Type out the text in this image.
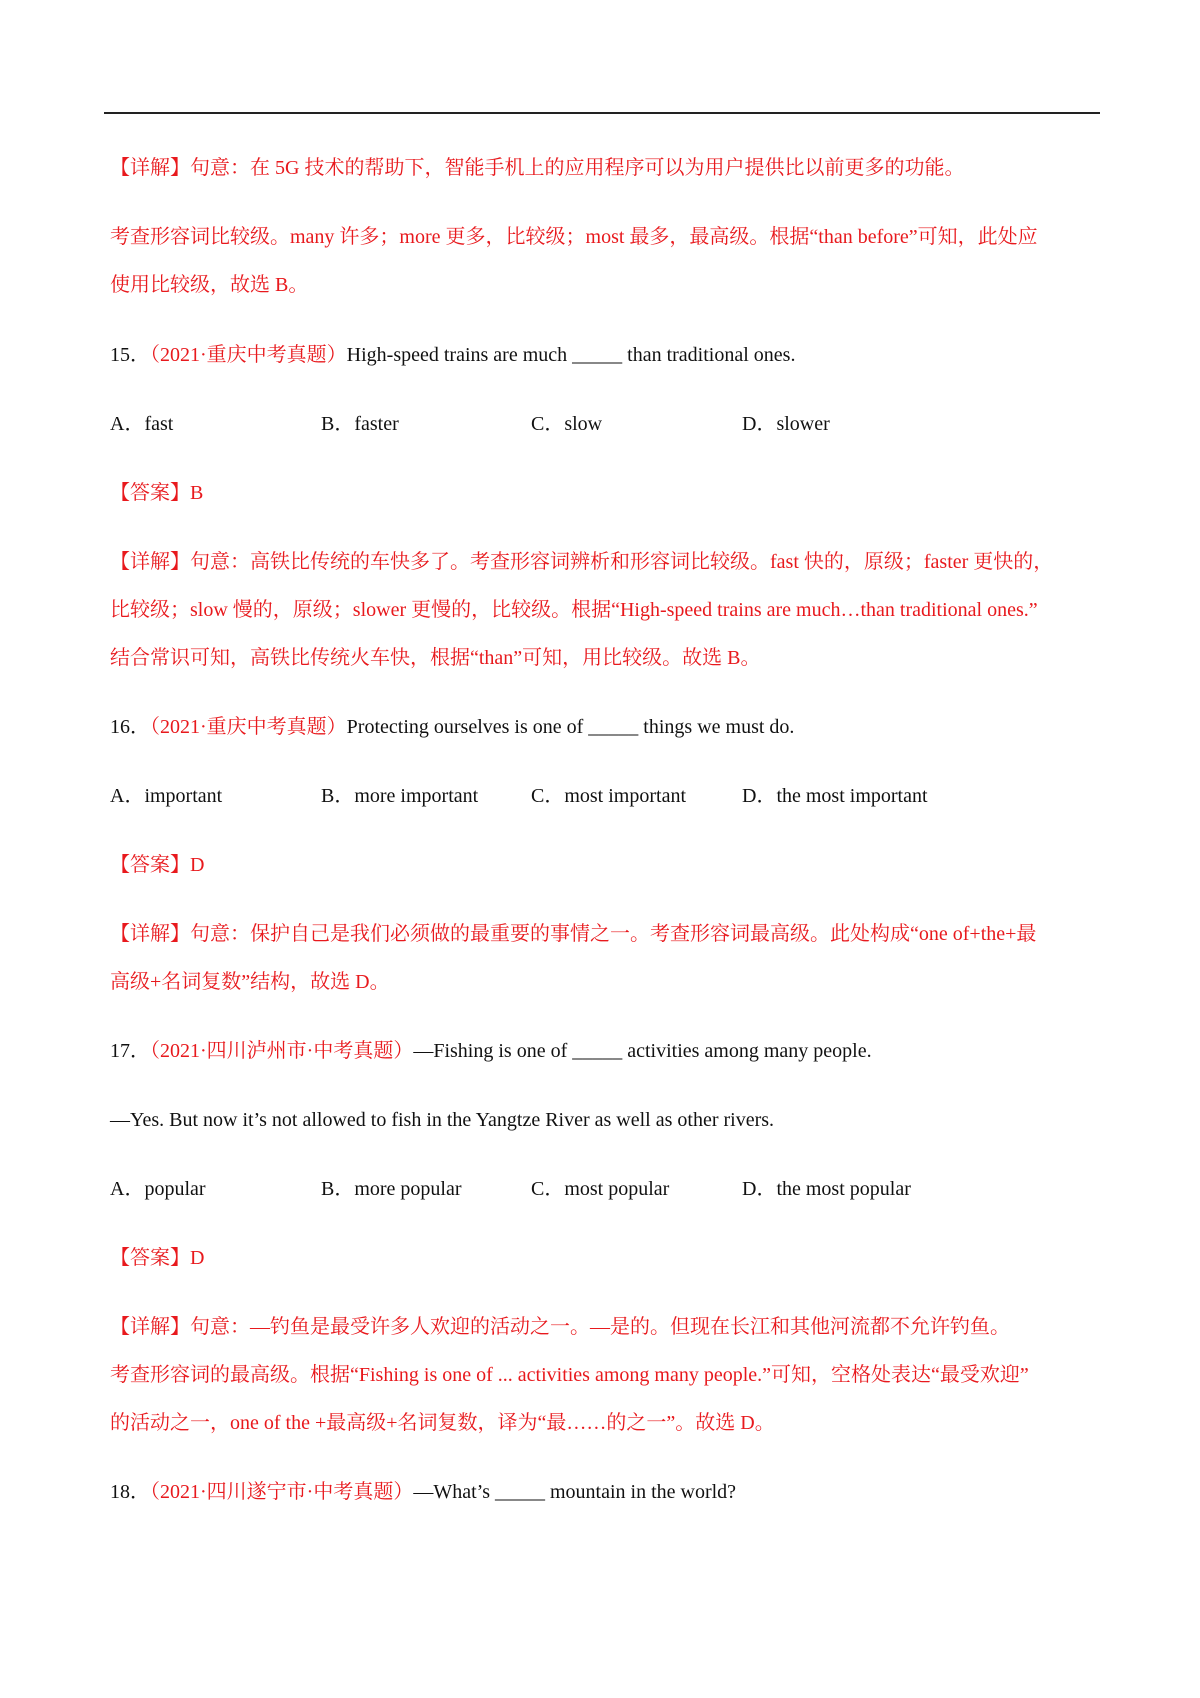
【详解】句意：在 5G 技术的帮助下，智能手机上的应用程序可以为用户提供比以前更多的功能。
考查形容词比较级。many 许多；more 更多，比较级；most 最多，最高级。根据“than before”可知，此处应
使用比较级，故选 B。
15．（2021·重庆中考真题）High-speed trains are much _____ than traditional ones.
A．fast	B．faster	C．slow	D．slower
【答案】B
【详解】句意：高铁比传统的车快多了。考查形容词辨析和形容词比较级。fast 快的，原级；faster 更快的，
比较级；slow 慢的，原级；slower 更慢的，比较级。根据“High-speed trains are much…than traditional ones.”
结合常识可知，高铁比传统火车快，根据“than”可知，用比较级。故选 B。
16．（2021·重庆中考真题）Protecting ourselves is one of _____ things we must do.
A．important	B．more important	C．most important	D．the most important
【答案】D
【详解】句意：保护自己是我们必须做的最重要的事情之一。考查形容词最高级。此处构成“one of+the+最
高级+名词复数”结构，故选 D。
17．（2021·四川泸州市·中考真题）—Fishing is one of _____ activities among many people.
—Yes. But now it’s not allowed to fish in the Yangtze River as well as other rivers.
A．popular	B．more popular	C．most popular	D．the most popular
【答案】D
【详解】句意：—钓鱼是最受许多人欢迎的活动之一。—是的。但现在长江和其他河流都不允许钓鱼。
考查形容词的最高级。根据“Fishing is one of ... activities among many people.”可知，空格处表达“最受欢迎”
的活动之一，one of the +最高级+名词复数，译为“最……的之一”。故选 D。
18．（2021·四川遂宁市·中考真题）—What’s _____ mountain in the world?
